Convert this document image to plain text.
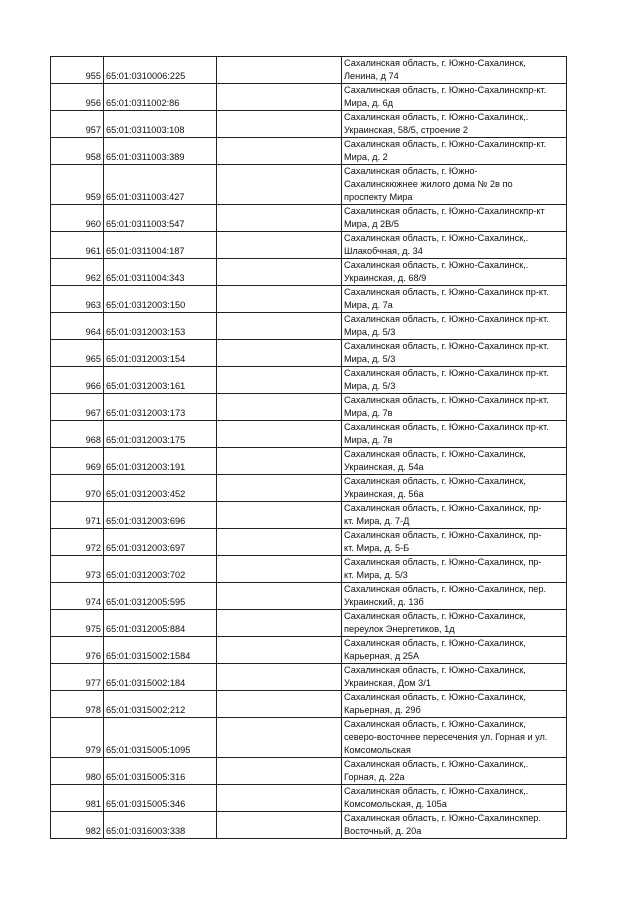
955	65:01:0310006:225		Сахалинская область, г. Южно-Сахалинск,
Ленина, д 74

956	65:01:0311002:86		Сахалинская область, г. Южно-Сахалинскпр-кт.
Мира, д. 6д

957	65:01:0311003:108		Сахалинская область, г. Южно-Сахалинск,.
Украинская, 58/5, строение 2

958	65:01:0311003:389		Сахалинская область, г. Южно-Сахалинскпр-кт.
Мира, д. 2

959	65:01:0311003:427		Сахалинская область, г. Южно-
Сахалинскюжнее жилого дома № 2в по
проспекту Мира

960	65:01:0311003:547		Сахалинская область, г. Южно-Сахалинскпр-кт
Мира, д 2В/5

961	65:01:0311004:187		Сахалинская область, г. Южно-Сахалинск,.
Шлакобчная, д. 34

962	65:01:0311004:343		Сахалинская область, г. Южно-Сахалинск,.
Украинская, д. 68/9

963	65:01:0312003:150		Сахалинская область, г. Южно-Сахалинск пр-кт.
Мира, д. 7а

964	65:01:0312003:153		Сахалинская область, г. Южно-Сахалинск пр-кт.
Мира, д. 5/3

965	65:01:0312003:154		Сахалинская область, г. Южно-Сахалинск пр-кт.
Мира, д. 5/3

966	65:01:0312003:161		Сахалинская область, г. Южно-Сахалинск пр-кт.
Мира, д. 5/3

967	65:01:0312003:173		Сахалинская область, г. Южно-Сахалинск пр-кт.
Мира, д. 7в

968	65:01:0312003:175		Сахалинская область, г. Южно-Сахалинск пр-кт.
Мира, д. 7в

969	65:01:0312003:191		Сахалинская область, г. Южно-Сахалинск,
Украинская, д. 54а

970	65:01:0312003:452		Сахалинская область, г. Южно-Сахалинск,
Украинская, д. 56а

971	65:01:0312003:696		Сахалинская область, г. Южно-Сахалинск, пр-
кт. Мира, д. 7-Д

972	65:01:0312003:697		Сахалинская область, г. Южно-Сахалинск, пр-
кт. Мира, д. 5-Б

973	65:01:0312003:702		Сахалинская область, г. Южно-Сахалинск, пр-
кт. Мира, д. 5/3

974	65:01:0312005:595		Сахалинская область, г. Южно-Сахалинск, пер.
Украинский, д. 13б

975	65:01:0312005:884		Сахалинская область, г. Южно-Сахалинск,
переулок Энергетиков, 1д

976	65:01:0315002:1584		Сахалинская область, г. Южно-Сахалинск,
Карьерная, д 25А

977	65:01:0315002:184		Сахалинская область, г. Южно-Сахалинск,
Украинская, Дом 3/1

978	65:01:0315002:212		Сахалинская область, г. Южно-Сахалинск,
Карьерная, д. 29б

979	65:01:0315005:1095		Сахалинская область, г. Южно-Сахалинск,
северо-восточнее пересечения ул. Горная и ул.
Комсомольская

980	65:01:0315005:316		Сахалинская область, г. Южно-Сахалинск,.
Горная, д. 22а

981	65:01:0315005:346		Сахалинская область, г. Южно-Сахалинск,.
Комсомольская, д. 105а

982	65:01:0316003:338		Сахалинская область, г. Южно-Сахалинскпер.
Восточный, д. 20а
